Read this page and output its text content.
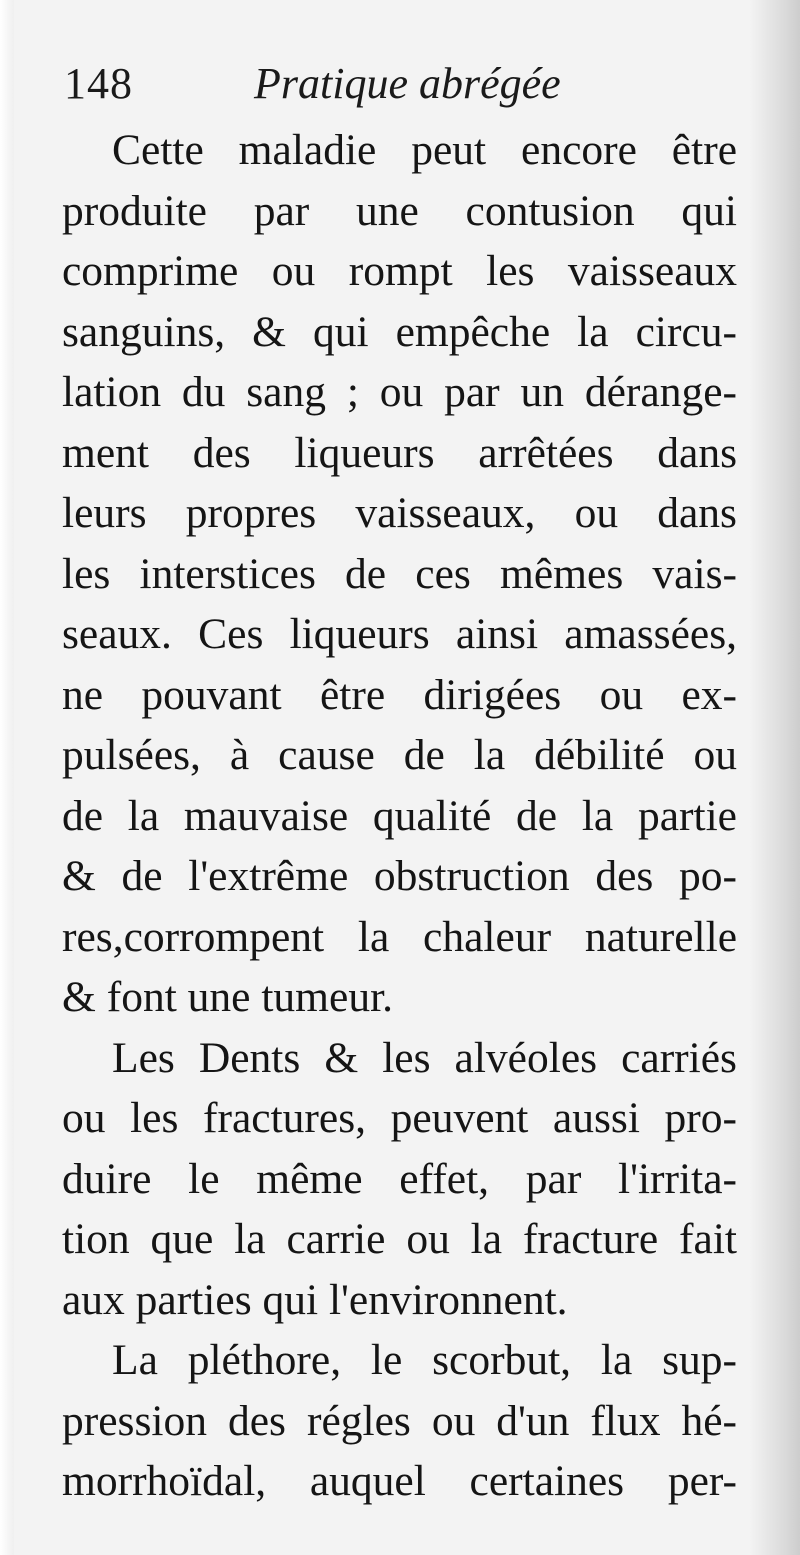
148	Pratique abrégée
Cette maladie peut encore être
produite par une contusion qui
comprime ou rompt les vaisseaux
sanguins, & qui empêche la circu-
lation du sang ; ou par un dérange-
ment des liqueurs arrêtées dans
leurs propres vaisseaux, ou dans
les interstices de ces mêmes vais-
seaux. Ces liqueurs ainsi amassées,
ne pouvant être dirigées ou ex-
pulsées, à cause de la débilité ou
de la mauvaise qualité de la partie
& de l'extrême obstruction des po-
res,corrompent la chaleur naturelle
& font une tumeur.
Les Dents & les alvéoles carriés
ou les fractures, peuvent aussi pro-
duire le même effet, par l'irrita-
tion que la carrie ou la fracture fait
aux parties qui l'environnent.
La pléthore, le scorbut, la sup-
pression des régles ou d'un flux hé-
morrhoïdal, auquel certaines per-
